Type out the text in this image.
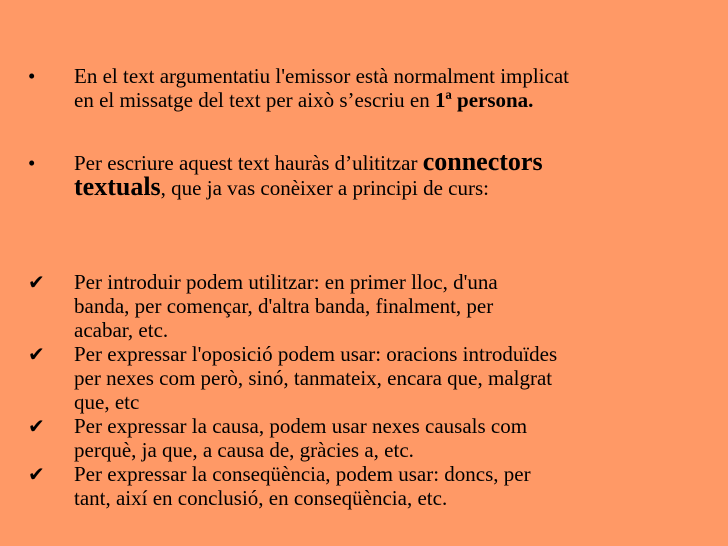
• En el text argumentatiu l'emissor està normalment implicat
en el missatge del text per això s’escriu en 1ª persona.
• Per escriure aquest text hauràs d’ulititzar connectors
textuals, que ja vas conèixer a principi de curs:
✔	Per introduir podem utilitzar: en primer lloc, d'una
banda, per començar, d'altra banda, finalment, per
acabar, etc.
✔	Per expressar l'oposició podem usar: oracions introduïdes
per nexes com però, sinó, tanmateix, encara que, malgrat
que, etc
✔	Per expressar la causa, podem usar nexes causals com
perquè, ja que, a causa de, gràcies a, etc.
✔	Per expressar la conseqüència, podem usar: doncs, per
tant, així en conclusió, en conseqüència, etc.
